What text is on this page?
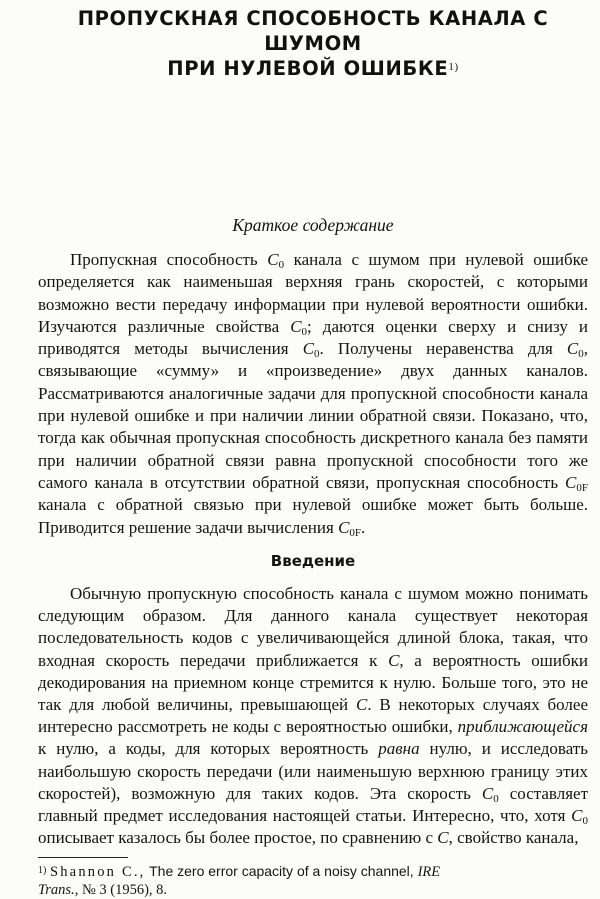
ПРОПУСКНАЯ СПОСОБНОСТЬ КАНАЛА С ШУМОМ
ПРИ НУЛЕВОЙ ОШИБКЕ$^{1)}$
Краткое содержание

Пропускная способность $C_0$ канала с шумом при нулевой ошибке определяется как наименьшая верхняя грань скоростей, с которыми возможно вести передачу информации при нулевой вероятности ошибки. Изучаются различные свойства $C_0$; даются оценки сверху и снизу и приводятся методы вычисления $C_0$. Получены неравенства для $C_0$, связывающие «сумму» и «произведение» двух данных каналов. Рассматриваются аналогичные задачи для пропускной способности канала при нулевой ошибке и при наличии линии обратной связи. Показано, что, тогда как обычная пропускная способность дискретного канала без памяти при наличии обратной связи равна пропускной способности того же самого канала в отсутствии обратной связи, пропускная способность $C_{0F}$ канала с обратной связью при нулевой ошибке может быть больше. Приводится решение задачи вычисления $C_{0F}$.

Введение

Обычную пропускную способность канала с шумом можно понимать следующим образом. Для данного канала существует некоторая последовательность кодов с увеличивающейся длиной блока, такая, что входная скорость передачи приближается к C, а вероятность ошибки декодирования на приемном конце стремится к нулю. Больше того, это не так для любой величины, превышающей C. В некоторых случаях более интересно рассмотреть не коды с вероятностью ошибки, приближающейся к нулю, а коды, для которых вероятность равна нулю, и исследовать наибольшую скорость передачи (или наименьшую верхнюю границу этих скоростей), возможную для таких кодов. Эта скорость $C_0$ составляет главный предмет исследования настоящей статьи. Интересно, что, хотя $C_0$ описывает казалось бы более простое, по сравнению с C, свойство канала,

$^{1)}$ Shannon C., The zero error capacity of a noisy channel, IRE
Trans., № 3 (1956), 8.
